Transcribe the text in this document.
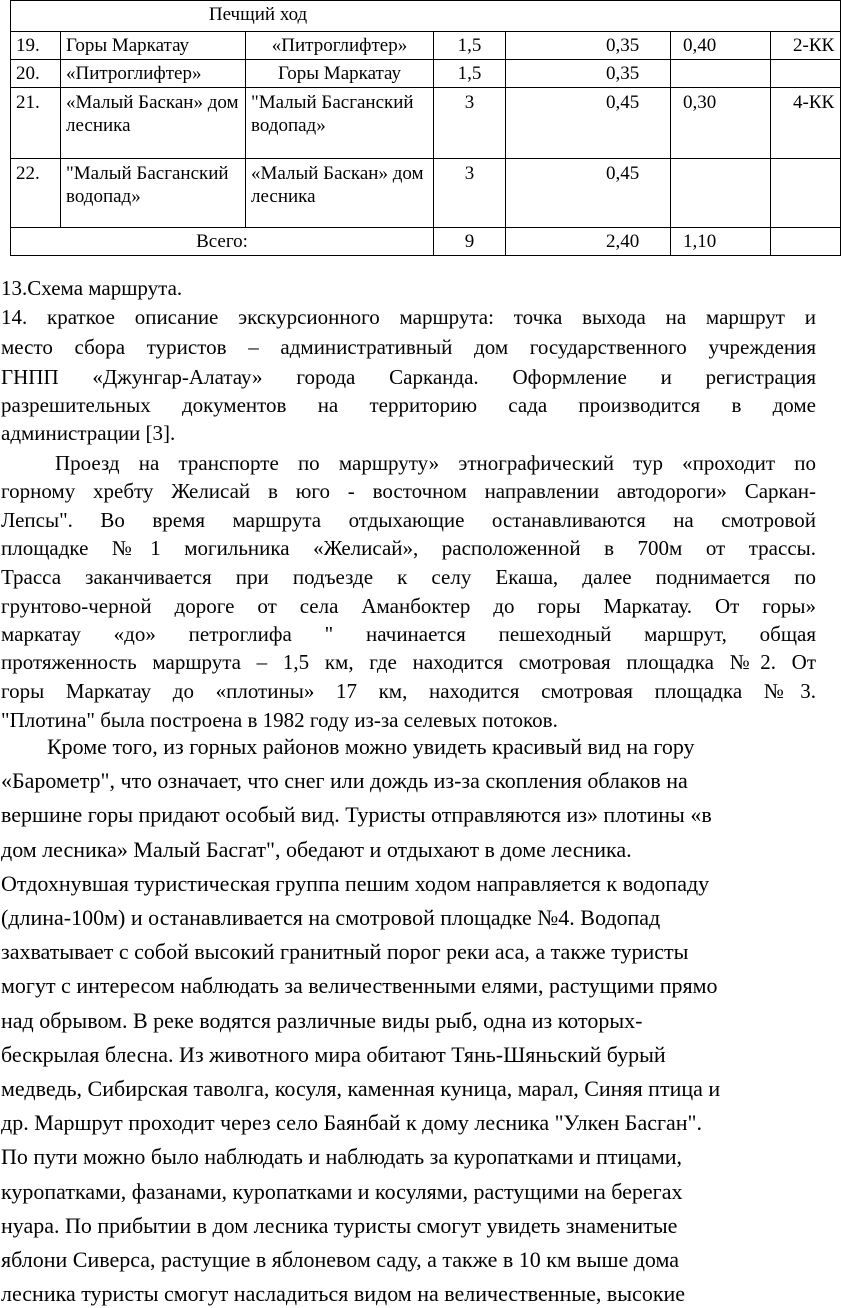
Печщий ход						
19.	Горы Маркатау	«Питроглифтер»	1,5	0,35	0,40	2-КК
20.	«Питроглифтер»	Горы Маркатау	1,5	0,35		
21.	«Малый Баскан» дом лесника	"Малый Басганский водопад»	3	0,45	0,30	4-КК
22.	"Малый Басганский водопад»	«Малый Баскан» дом лесника	3	0,45		
Всего:			9	2,40	1,10	
13.Схема маршрута.
14. краткое описание экскурсионного маршрута: точка выхода на маршрут и
место сбора туристов – административный дом государственного учреждения
ГНПП «Джунгар-Алатау» города Сарканда. Оформление и регистрация
разрешительных документов на территорию сада производится в доме
администрации [3].
Проезд на транспорте по маршруту» этнографический тур «проходит по
горному хребту Желисай в юго - восточном направлении автодороги» Саркан-
Лепсы". Во время маршрута отдыхающие останавливаются на смотровой
площадке №1 могильника «Желисай», расположенной в 700м от трассы.
Трасса заканчивается при подъезде к селу Екаша, далее поднимается по
грунтово-черной дороге от села Аманбоктер до горы Маркатау. От горы»
маркатау «до» петроглифа " начинается пешеходный маршрут, общая
протяженность маршрута – 1,5 км, где находится смотровая площадка №2. От
горы Маркатау до «плотины» 17 км, находится смотровая площадка №3.
"Плотина" была построена в 1982 году из-за селевых потоков.
Кроме того, из горных районов можно увидеть красивый вид на гору
«Барометр", что означает, что снег или дождь из-за скопления облаков на
вершине горы придают особый вид. Туристы отправляются из» плотины «в
дом лесника» Малый Басгат", обедают и отдыхают в доме лесника.
Отдохнувшая туристическая группа пешим ходом направляется к водопаду
(длина-100м) и останавливается на смотровой площадке №4. Водопад
захватывает с собой высокий гранитный порог реки аса, а также туристы
могут с интересом наблюдать за величественными елями, растущими прямо
над обрывом. В реке водятся различные виды рыб, одна из которых-
бескрылая блесна. Из животного мира обитают Тянь-Шяньский бурый
медведь, Сибирская таволга, косуля, каменная куница, марал, Синяя птица и
др. Маршрут проходит через село Баянбай к дому лесника "Улкен Басган".
По пути можно было наблюдать и наблюдать за куропатками и птицами,
куропатками, фазанами, куропатками и косулями, растущими на берегах
нуара. По прибытии в дом лесника туристы смогут увидеть знаменитые
яблони Сиверса, растущие в яблоневом саду, а также в 10 км выше дома
лесника туристы смогут насладиться видом на величественные, высокие
